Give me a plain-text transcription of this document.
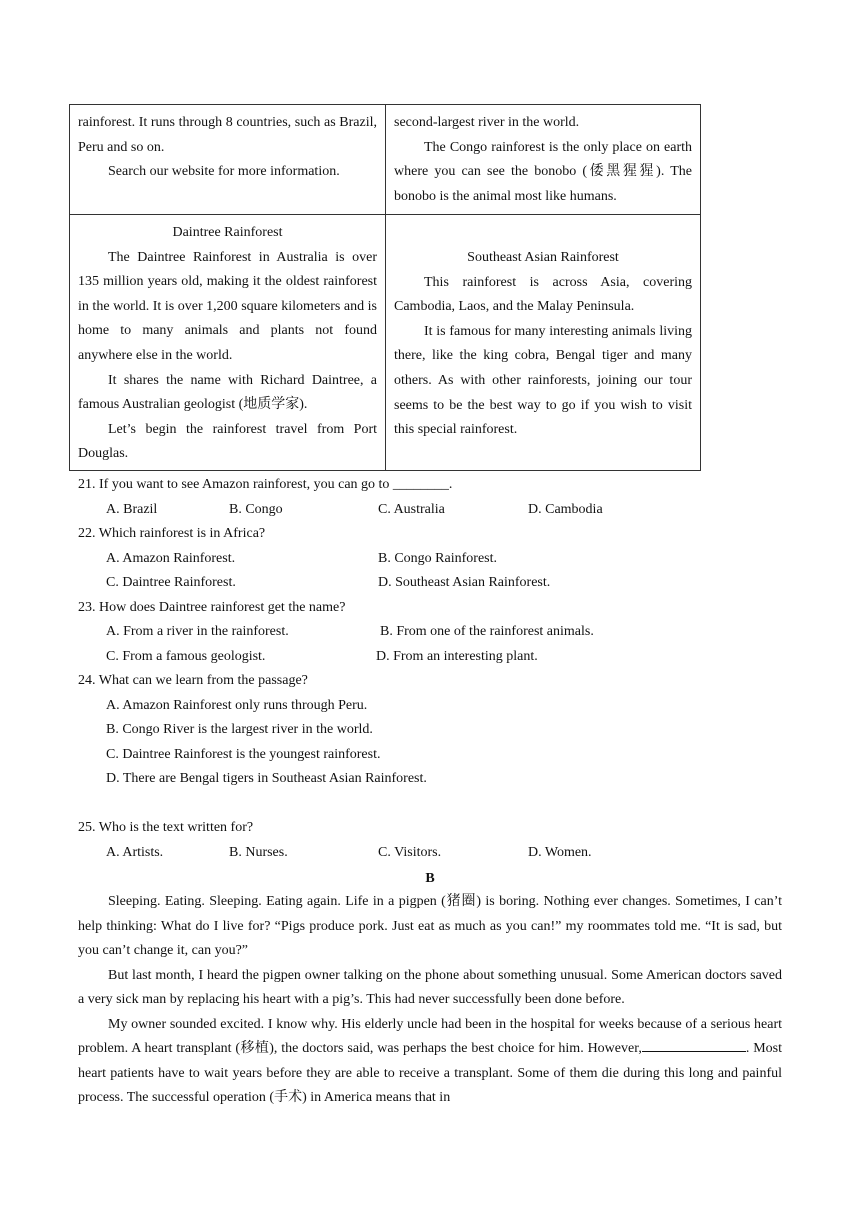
rainforest. It runs through 8 countries, such as Brazil, Peru and so on.

Search our website for more information.

second-largest river in the world.

The Congo rainforest is the only place on earth where you can see the bonobo (倭黑猩猩). The bonobo is the animal most like humans.

Daintree Rainforest

The Daintree Rainforest in Australia is over 135 million years old, making it the oldest rainforest in the world. It is over 1,200 square kilometers and is home to many animals and plants not found anywhere else in the world.

It shares the name with Richard Daintree, a famous Australian geologist (地质学家).

Let’s begin the rainforest travel from Port Douglas.

Southeast Asian Rainforest

This rainforest is across Asia, covering Cambodia, Laos, and the Malay Peninsula.

It is famous for many interesting animals living there, like the king cobra, Bengal tiger and many others. As with other rainforests, joining our tour seems to be the best way to go if you wish to visit this special rainforest.

21. If you want to see Amazon rainforest, you can go to ________.
A. Brazil	B. Congo	C. Australia	D. Cambodia
22. Which rainforest is in Africa?
A. Amazon Rainforest.	B. Congo Rainforest.
C. Daintree Rainforest.	D. Southeast Asian Rainforest.
23. How does Daintree rainforest get the name?
A. From a river in the rainforest.	B. From one of the rainforest animals.
C. From a famous geologist.	D. From an interesting plant.
24. What can we learn from the passage?
A. Amazon Rainforest only runs through Peru.
B. Congo River is the largest river in the world.
C. Daintree Rainforest is the youngest rainforest.
D. There are Bengal tigers in Southeast Asian Rainforest.
25. Who is the text written for?
A. Artists.	B. Nurses.	C. Visitors.	D. Women.
B

Sleeping. Eating. Sleeping. Eating again. Life in a pigpen (猪圈) is boring. Nothing ever changes. Sometimes, I can’t help thinking: What do I live for? “Pigs produce pork. Just eat as much as you can!” my roommates told me. “It is sad, but you can’t change it, can you?”

But last month, I heard the pigpen owner talking on the phone about something unusual. Some American doctors saved a very sick man by replacing his heart with a pig’s. This had never successfully been done before.

My owner sounded excited. I know why. His elderly uncle had been in the hospital for weeks because of a serious heart problem. A heart transplant (移植), the doctors said, was perhaps the best choice for him. However,	. Most heart patients have to wait years before they are able to receive a transplant. Some of them die during this long and painful process. The successful operation (手术) in America means that in
